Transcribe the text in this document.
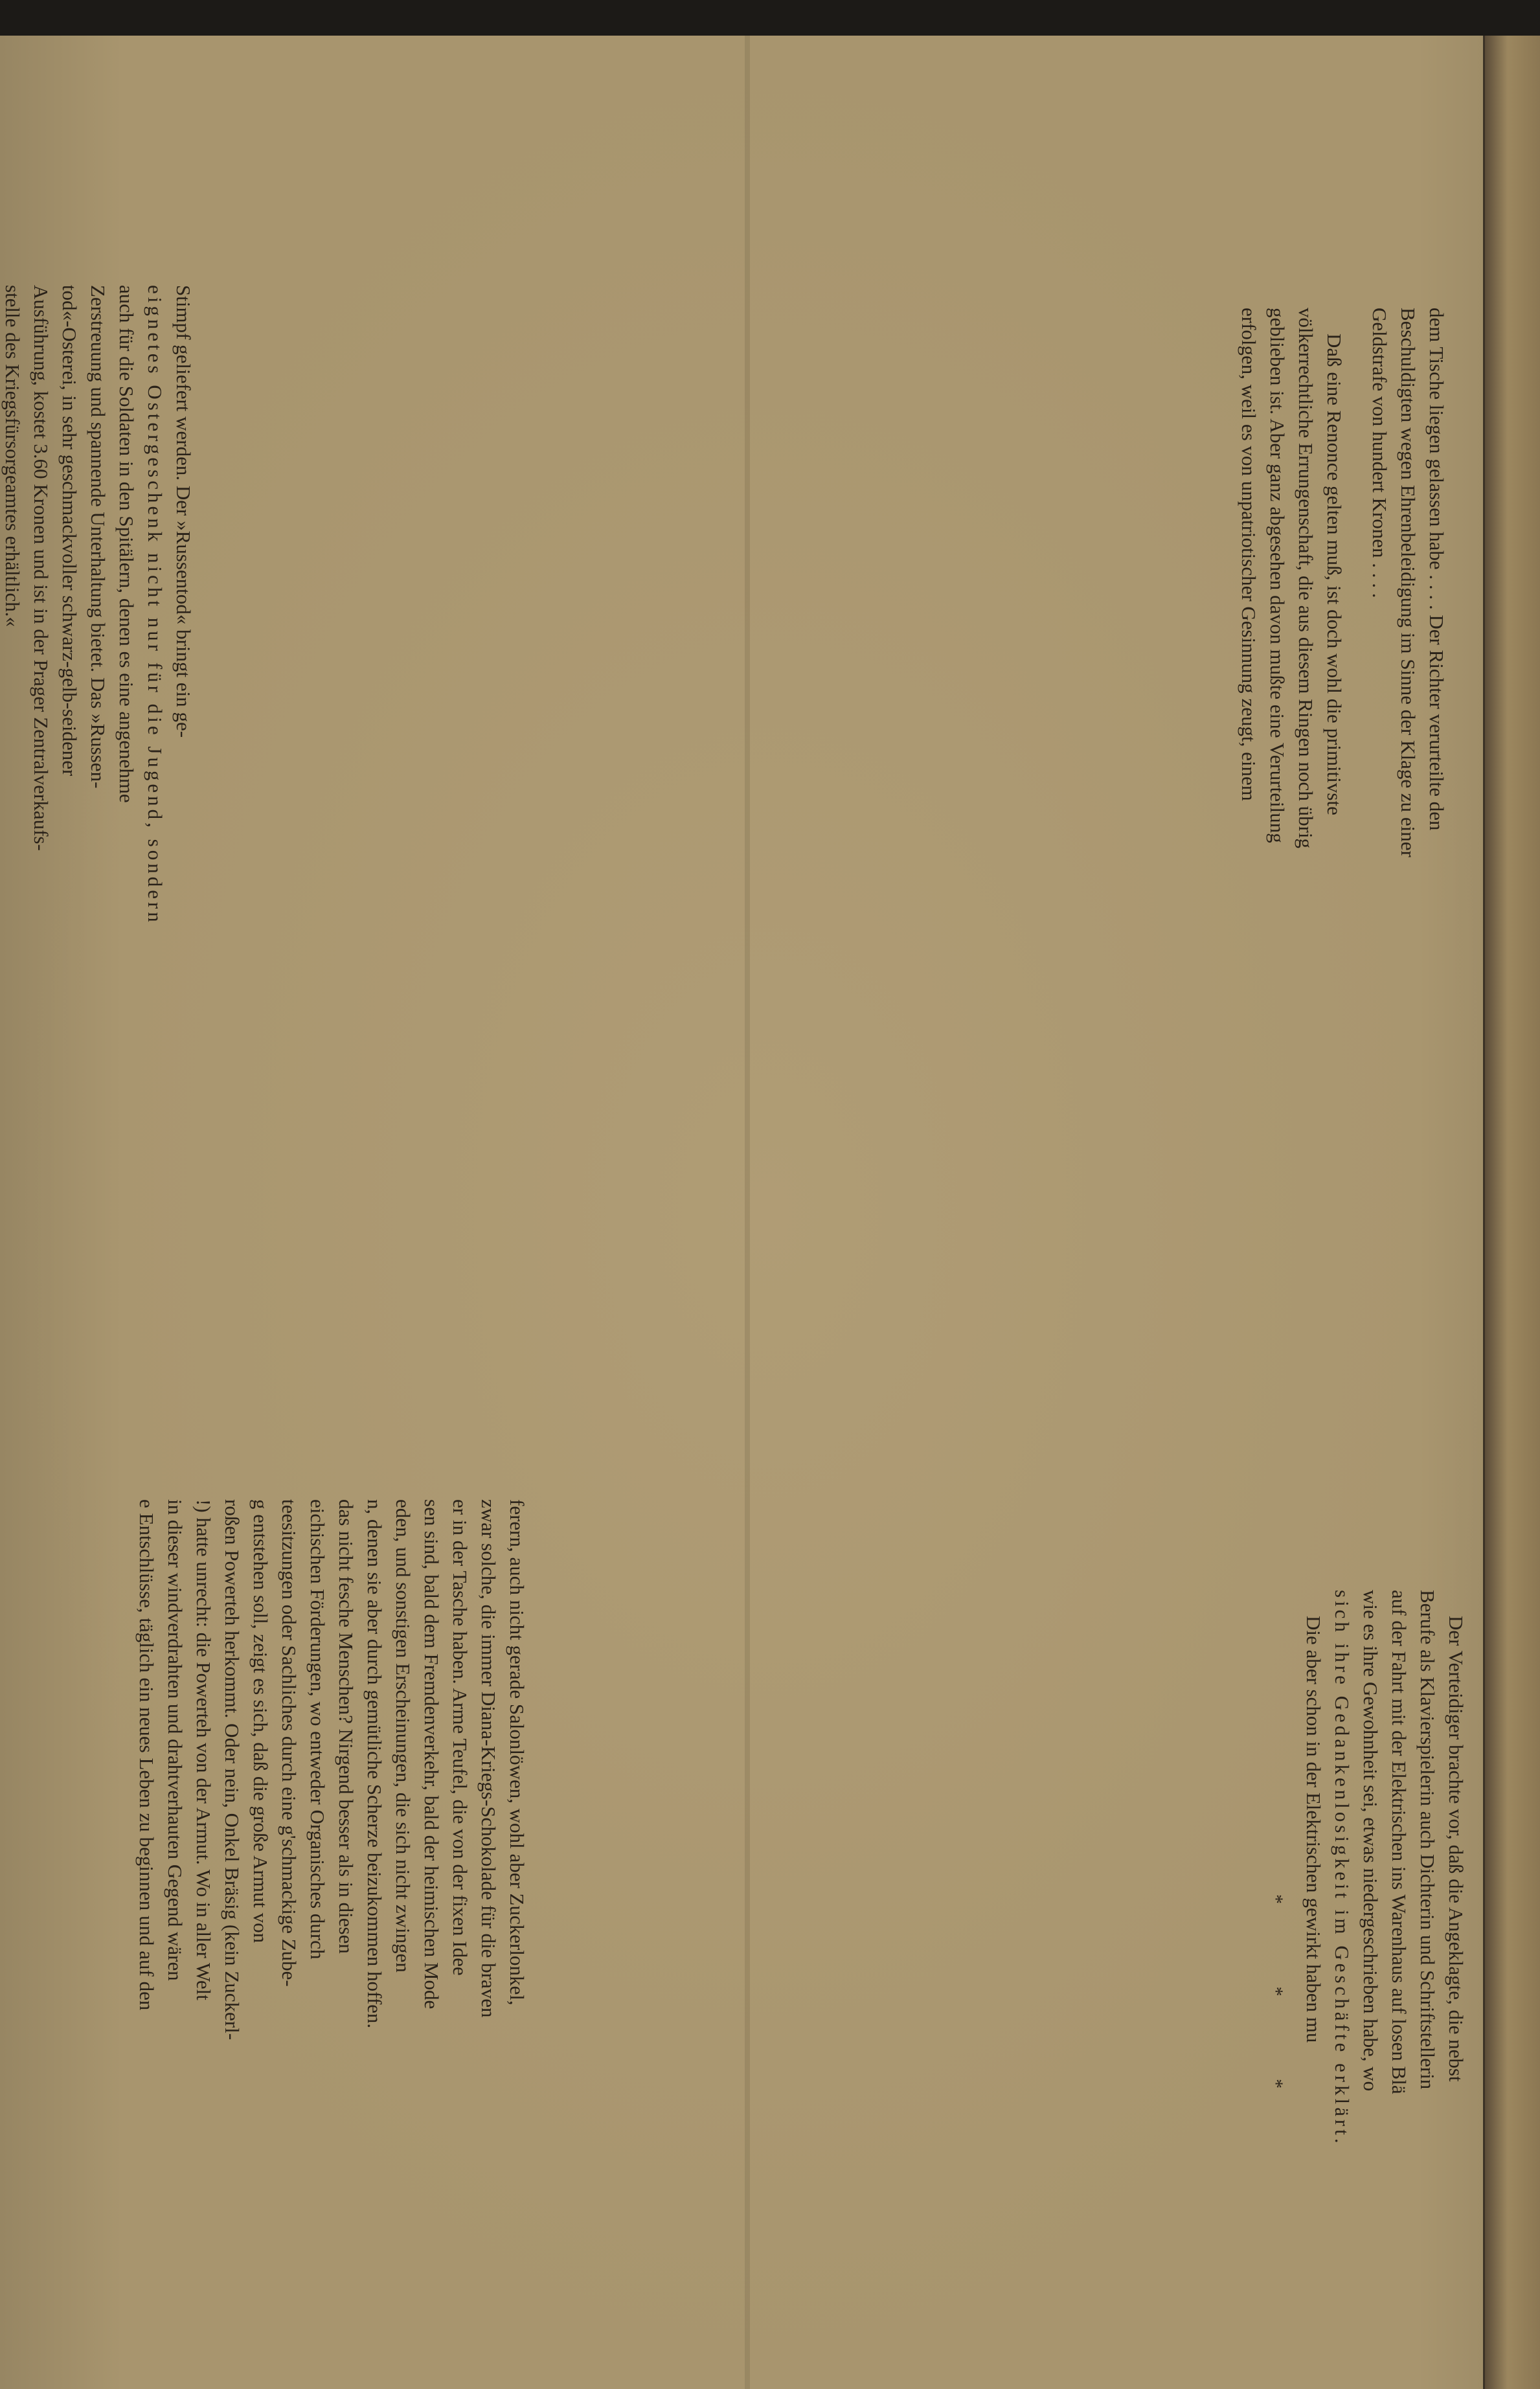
Stimpf geliefert werden. Der »Russentod« bringt ein ge-
eignetes Ostergeschenk nicht nur für die Jugend, sondern
auch für die Soldaten in den Spitälern, denen es eine angenehme
Zerstreuung und spannende Unterhaltung bietet. Das »Russen-
tod«-Osterei, in sehr geschmackvoller schwarz-gelb-seidener
Ausführung, kostet 3.60 Kronen und ist in der Prager Zentralverkaufs-
stelle des Kriegsfürsorgeamtes erhältlich.«
ferern, auch nicht gerade Salonlöwen, wohl aber Zuckerlonkel,
zwar solche, die immer Diana-Kriegs-Schokolade für die braven
er in der Tasche haben. Arme Teufel, die von der fixen Idee
sen sind, bald dem Fremdenverkehr, bald der heimischen Mode
eden, und sonstigen Erscheinungen, die sich nicht zwingen
n, denen sie aber durch gemütliche Scherze beizukommen hoffen.
das nicht fesche Menschen? Nirgend besser als in diesen
eichischen Förderungen, wo entweder Organisches durch
teesitzungen oder Sachliches durch eine g'schmackige Zube-
g entstehen soll, zeigt es sich, daß die große Armut von
roßen Powerteh herkommt. Oder nein, Onkel Bräsig (kein Zuckerl-
!) hatte unrecht: die Powerteh von der Armut. Wo in aller Welt
in dieser windverdrahten und drahtverhauten Gegend wären
e Entschlüsse, täglich ein neues Leben zu beginnen und auf den
dem Tische liegen gelassen habe . . . . Der Richter verurteilte den
Beschuldigten wegen Ehrenbeleidigung im Sinne der Klage zu einer
Geldstrafe von hundert Kronen . . . .
Daß eine Renonce gelten muß, ist doch wohl die primitivste
völkerrechtliche Errungenschaft, die aus diesem Ringen noch übrig
geblieben ist. Aber ganz abgesehen davon mußte eine Verurteilung
erfolgen, weil es von unpatriotischer Gesinnung zeugt, einem
Der Verteidiger brachte vor, daß die Angeklagte, die nebst
Berufe als Klavierspielerin auch Dichterin und Schriftstellerin
auf der Fahrt mit der Elektrischen ins Warenhaus auf losen Blä
wie es ihre Gewohnheit sei, etwas niedergeschrieben habe, wo
sich ihre Gedankenlosigkeit im Geschäfte erklärt.
Die aber schon in der Elektrischen gewirkt haben mu
* * *
